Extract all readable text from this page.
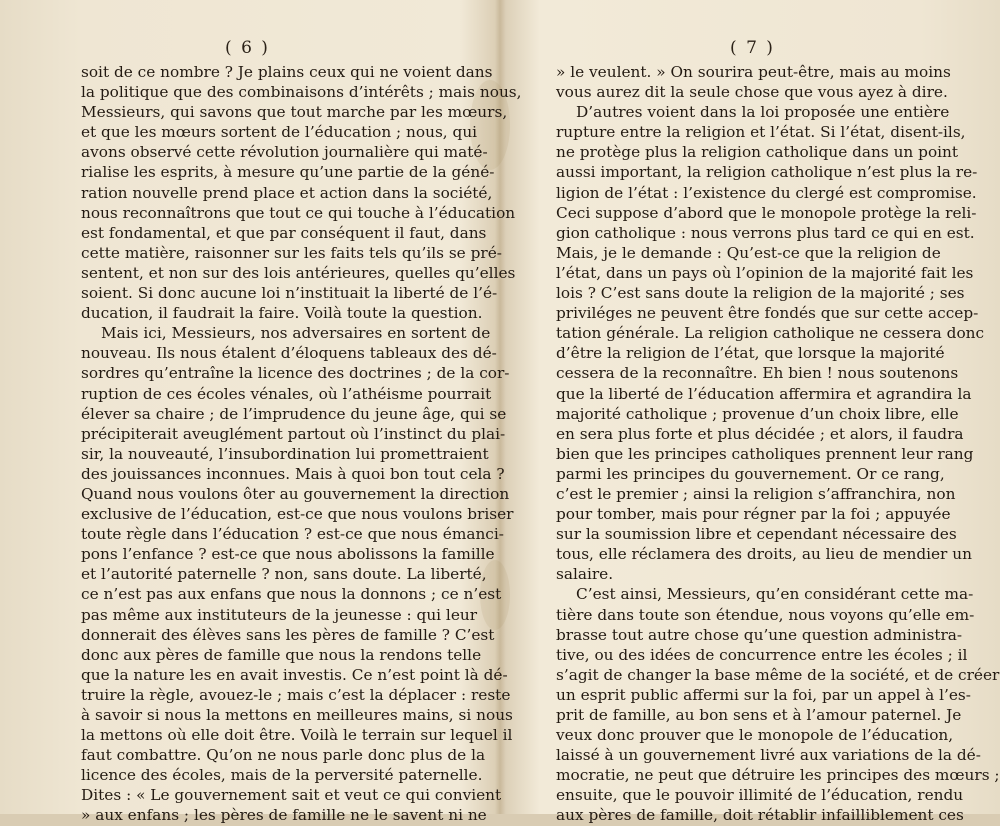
( 6 )
soit de ce nombre ? Je plains ceux qui ne voient dans
la politique que des combinaisons d’intérêts ; mais nous,
Messieurs, qui savons que tout marche par les mœurs,
et que les mœurs sortent de l’éducation ; nous, qui
avons observé cette révolution journalière qui maté-
rialise les esprits, à mesure qu’une partie de la géné-
ration nouvelle prend place et action dans la société,
nous reconnaîtrons que tout ce qui touche à l’éducation
est fondamental, et que par conséquent il faut, dans
cette matière, raisonner sur les faits tels qu’ils se pré-
sentent, et non sur des lois antérieures, quelles qu’elles
soient. Si donc aucune loi n’instituait la liberté de l’é-
ducation, il faudrait la faire. Voilà toute la question.
Mais ici, Messieurs, nos adversaires en sortent de
nouveau. Ils nous étalent d’éloquens tableaux des dé-
sordres qu’entraîne la licence des doctrines ; de la cor-
ruption de ces écoles vénales, où l’athéisme pourrait
élever sa chaire ; de l’imprudence du jeune âge, qui se
précipiterait aveuglément partout où l’instinct du plai-
sir, la nouveauté, l’insubordination lui promettraient
des jouissances inconnues. Mais à quoi bon tout cela ?
Quand nous voulons ôter au gouvernement la direction
exclusive de l’éducation, est-ce que nous voulons briser
toute règle dans l’éducation ? est-ce que nous émanci-
pons l’enfance ? est-ce que nous abolissons la famille
et l’autorité paternelle ? non, sans doute. La liberté,
ce n’est pas aux enfans que nous la donnons ; ce n’est
pas même aux instituteurs de la jeunesse : qui leur
donnerait des élèves sans les pères de famille ? C’est
donc aux pères de famille que nous la rendons telle
que la nature les en avait investis. Ce n’est point là dé-
truire la règle, avouez-le ; mais c’est la déplacer : reste
à savoir si nous la mettons en meilleures mains, si nous
la mettons où elle doit être. Voilà le terrain sur lequel il
faut combattre. Qu’on ne nous parle donc plus de la
licence des écoles, mais de la perversité paternelle.
Dites : « Le gouvernement sait et veut ce qui convient
» aux enfans ; les pères de famille ne le savent ni ne
( 7 )
» le veulent. » On sourira peut-être, mais au moins
vous aurez dit la seule chose que vous ayez à dire.
D’autres voient dans la loi proposée une entière
rupture entre la religion et l’état. Si l’état, disent-ils,
ne protège plus la religion catholique dans un point
aussi important, la religion catholique n’est plus la re-
ligion de l’état : l’existence du clergé est compromise.
Ceci suppose d’abord que le monopole protège la reli-
gion catholique : nous verrons plus tard ce qui en est.
Mais, je le demande : Qu’est-ce que la religion de
l’état, dans un pays où l’opinion de la majorité fait les
lois ? C’est sans doute la religion de la majorité ; ses
priviléges ne peuvent être fondés que sur cette accep-
tation générale. La religion catholique ne cessera donc
d’être la religion de l’état, que lorsque la majorité
cessera de la reconnaître. Eh bien ! nous soutenons
que la liberté de l’éducation affermira et agrandira la
majorité catholique ; provenue d’un choix libre, elle
en sera plus forte et plus décidée ; et alors, il faudra
bien que les principes catholiques prennent leur rang
parmi les principes du gouvernement. Or ce rang,
c’est le premier ; ainsi la religion s’affranchira, non
pour tomber, mais pour régner par la foi ; appuyée
sur la soumission libre et cependant nécessaire des
tous, elle réclamera des droits, au lieu de mendier un
salaire.
C’est ainsi, Messieurs, qu’en considérant cette ma-
tière dans toute son étendue, nous voyons qu’elle em-
brasse tout autre chose qu’une question administra-
tive, ou des idées de concurrence entre les écoles ; il
s’agit de changer la base même de la société, et de créer
un esprit public affermi sur la foi, par un appel à l’es-
prit de famille, au bon sens et à l’amour paternel. Je
veux donc prouver que le monopole de l’éducation,
laissé à un gouvernement livré aux variations de la dé-
mocratie, ne peut que détruire les principes des mœurs ;
ensuite, que le pouvoir illimité de l’éducation, rendu
aux pères de famille, doit rétablir infailliblement ces
